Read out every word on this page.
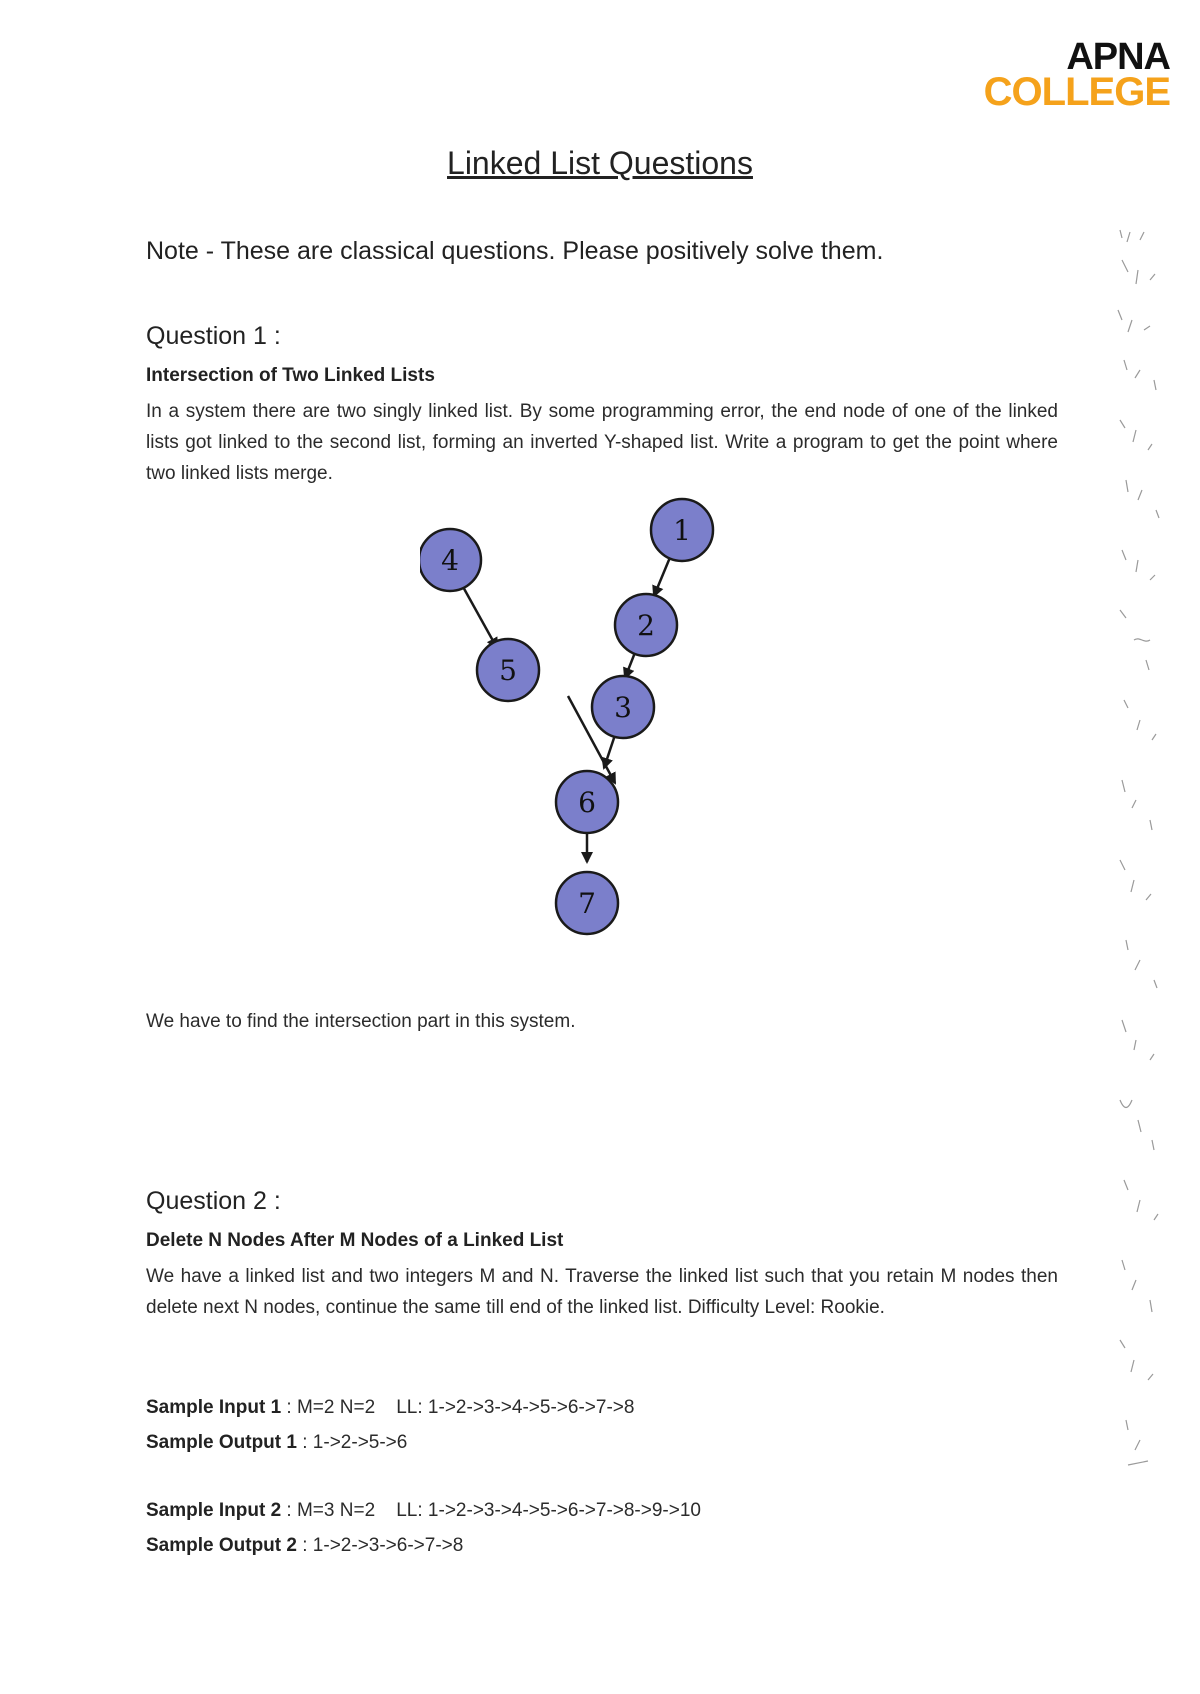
APNA
COLLEGE
Linked List Questions
Note - These are classical questions. Please positively solve them.
Question 1 :
Intersection of Two Linked Lists
In a system there are two singly linked list. By some programming error, the end node of one of the linked lists got linked to the second list, forming an inverted Y-shaped list. Write a program to get the point where two linked lists merge.
1
2
3
4
5
6
7
We have to find the intersection part in this system.
Question 2 :
Delete N Nodes After M Nodes of a Linked List
We have a linked list and two integers M and N. Traverse the linked list such that you retain M nodes then delete next N nodes, continue the same till end of the linked list. Difficulty Level: Rookie.
Sample Input 1 : M=2 N=2    LL: 1->2->3->4->5->6->7->8
Sample Output 1 : 1->2->5->6
Sample Input 2 : M=3 N=2    LL: 1->2->3->4->5->6->7->8->9->10
Sample Output 2 : 1->2->3->6->7->8
